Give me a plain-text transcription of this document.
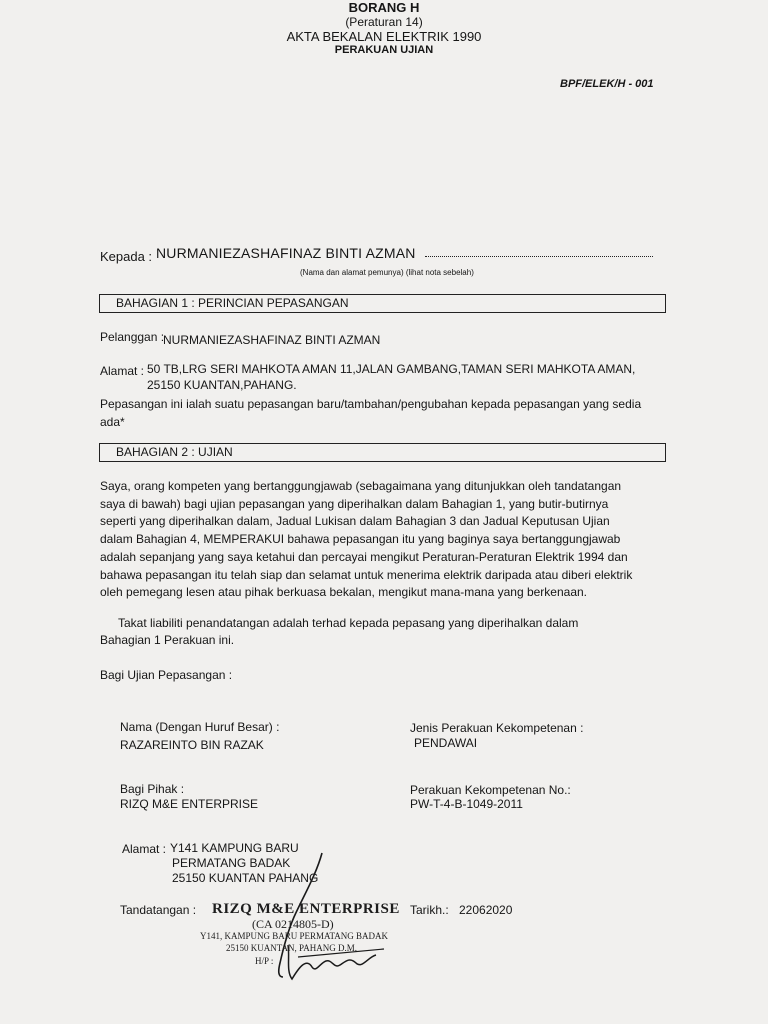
BPF/ELEK/H - 001
BORANG H
(Peraturan 14)
AKTA BEKALAN ELEKTRIK 1990
PERAKUAN UJIAN
Kepada : NURMANIEZASHAFINAZ BINTI AZMAN
(Nama dan alamat pemunya) (lihat nota sebelah)
BAHAGIAN 1 : PERINCIAN PEPASANGAN
Pelanggan :
NURMANIEZASHAFINAZ BINTI AZMAN
Alamat : 50 TB,LRG SERI MAHKOTA AMAN 11,JALAN GAMBANG,TAMAN SERI MAHKOTA AMAN,
25150 KUANTAN,PAHANG.
Pepasangan ini ialah suatu pepasangan baru/tambahan/pengubahan kepada pepasangan yang sedia
ada*
BAHAGIAN 2 : UJIAN
Saya, orang kompeten yang bertanggungjawab (sebagaimana yang ditunjukkan oleh tandatangan
saya di bawah) bagi ujian pepasangan yang diperihalkan dalam Bahagian 1, yang butir-butirnya
seperti yang diperihalkan dalam, Jadual Lukisan dalam Bahagian 3 dan Jadual Keputusan Ujian
dalam Bahagian 4, MEMPERAKUI bahawa pepasangan itu yang baginya saya bertanggungjawab
adalah sepanjang yang saya ketahui dan percayai mengikut Peraturan-Peraturan Elektrik 1994 dan
bahawa pepasangan itu telah siap dan selamat untuk menerima elektrik daripada atau diberi elektrik
oleh pemegang lesen atau pihak berkuasa bekalan, mengikut mana-mana yang berkenaan.
Takat liabiliti penandatangan adalah terhad kepada pepasang yang diperihalkan dalam
Bahagian 1 Perakuan ini.
Bagi Ujian Pepasangan :
Nama (Dengan Huruf Besar) :
RAZAREINTO BIN RAZAK
Jenis Perakuan Kekompetenan :
PENDAWAI
Bagi Pihak :
RIZQ M&E ENTERPRISE
Perakuan Kekompetenan No.:
PW-T-4-B-1049-2011
Alamat : Y141 KAMPUNG BARU
PERMATANG BADAK
25150 KUANTAN PAHANG
Tandatangan :	Tarikh.: 22062020
RIZQ M&E ENTERPRISE
(CA 0214805-D)
Y141, KAMPUNG BARU PERMATANG BADAK
25150 KUANTAN, PAHANG D.M.
H/P :
